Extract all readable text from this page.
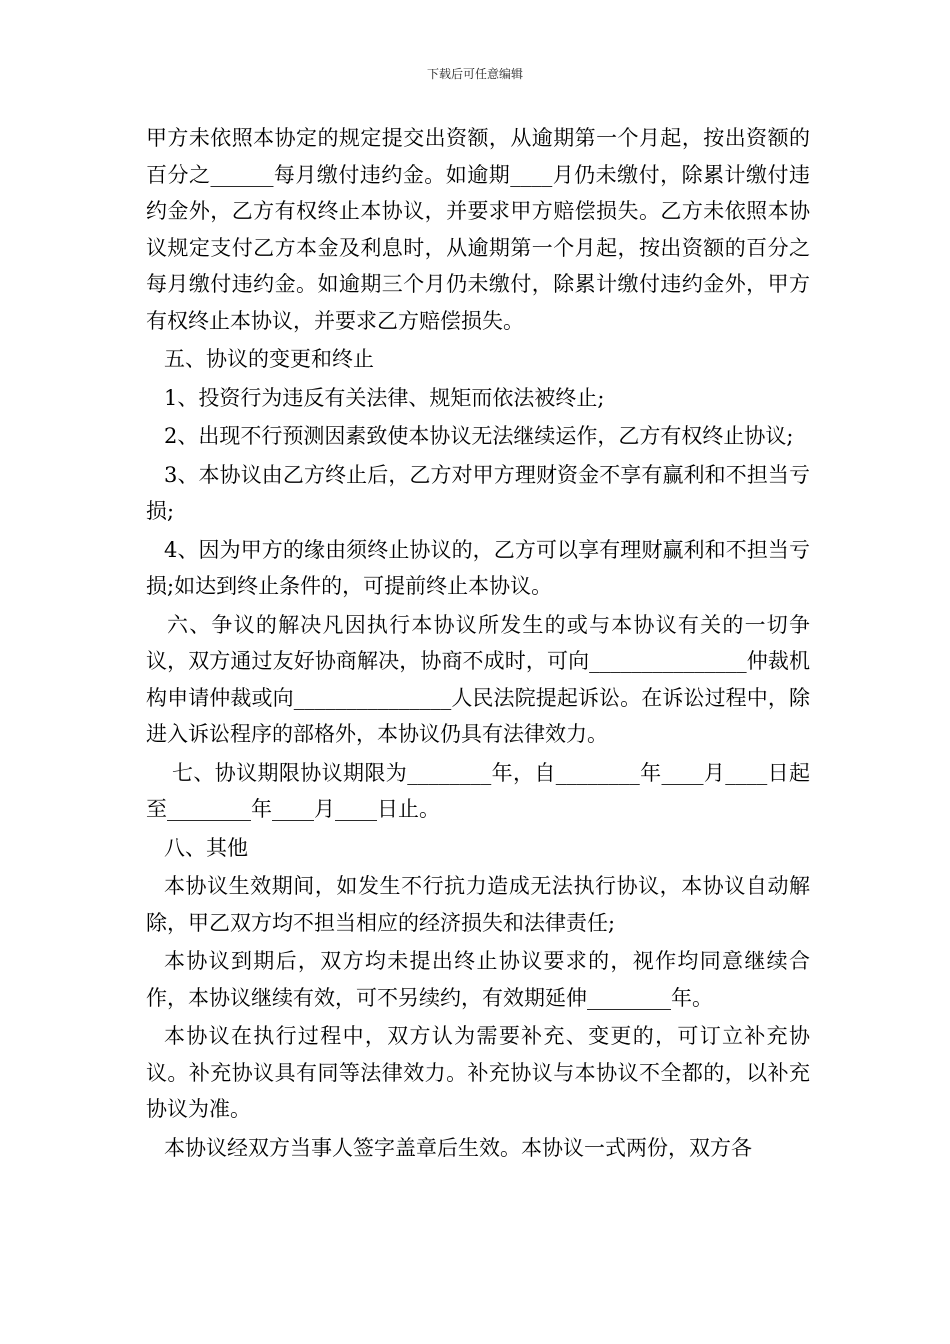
下载后可任意编辑

甲方未依照本协定的规定提交出资额，从逾期第一个月起，按出资额的百分之______每月缴付违约金。如逾期____月仍未缴付，除累计缴付违约金外，乙方有权终止本协议，并要求甲方赔偿损失。乙方未依照本协议规定支付乙方本金及利息时，从逾期第一个月起，按出资额的百分之 每月缴付违约金。如逾期三个月仍未缴付，除累计缴付违约金外，甲方有权终止本协议，并要求乙方赔偿损失。

五、协议的变更和终止

1、投资行为违反有关法律、规矩而依法被终止;

2、出现不行预测因素致使本协议无法继续运作，乙方有权终止协议;

3、本协议由乙方终止后，乙方对甲方理财资金不享有赢利和不担当亏损;

4、因为甲方的缘由须终止协议的，乙方可以享有理财赢利和不担当亏损;如达到终止条件的，可提前终止本协议。

六、争议的解决凡因执行本协议所发生的或与本协议有关的一切争议，双方通过友好协商解决，协商不成时，可向_______________仲裁机构申请仲裁或向_______________人民法院提起诉讼。在诉讼过程中，除进入诉讼程序的部格外，本协议仍具有法律效力。

七、协议期限协议期限为________年，自________年____月____日起至________年____月____日止。

八、其他

本协议生效期间，如发生不行抗力造成无法执行协议，本协议自动解除，甲乙双方均不担当相应的经济损失和法律责任;

本协议到期后，双方均未提出终止协议要求的，视作均同意继续合作，本协议继续有效，可不另续约，有效期延伸________年。

本协议在执行过程中，双方认为需要补充、变更的，可订立补充协议。补充协议具有同等法律效力。补充协议与本协议不全都的，以补充协议为准。

本协议经双方当事人签字盖章后生效。本协议一式两份，双方各
